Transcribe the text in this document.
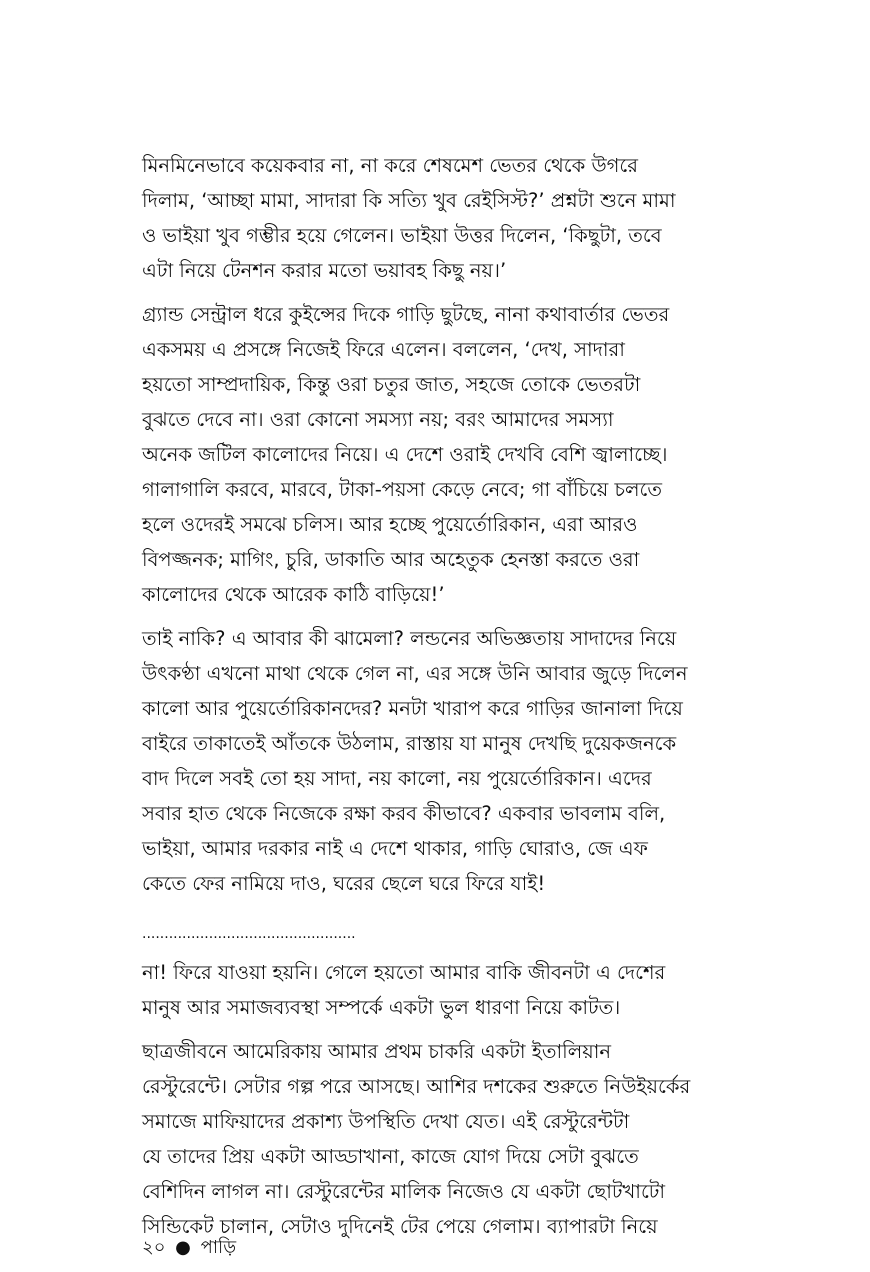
মিনমিনেভাবে কয়েকবার না, না করে শেষমেশ ভেতর থেকে উগরে
দিলাম, ‘আচ্ছা মামা, সাদারা কি সত্যি খুব রেইসিস্ট?’ প্রশ্নটা শুনে মামা
ও ভাইয়া খুব গম্ভীর হয়ে গেলেন। ভাইয়া উত্তর দিলেন, ‘কিছুটা, তবে
এটা নিয়ে টেনশন করার মতো ভয়াবহ কিছু নয়।’

গ্র্যান্ড সেন্ট্রাল ধরে কুইন্সের দিকে গাড়ি ছুটছে, নানা কথাবার্তার ভেতর
একসময় এ প্রসঙ্গে নিজেই ফিরে এলেন। বললেন, ‘দেখ, সাদারা
হয়তো সাম্প্রদায়িক, কিন্তু ওরা চতুর জাত, সহজে তোকে ভেতরটা
বুঝতে দেবে না। ওরা কোনো সমস্যা নয়; বরং আমাদের সমস্যা
অনেক জটিল কালোদের নিয়ে। এ দেশে ওরাই দেখবি বেশি জ্বালাচ্ছে।
গালাগালি করবে, মারবে, টাকা-পয়সা কেড়ে নেবে; গা বাঁচিয়ে চলতে
হলে ওদেরই সমঝে চলিস। আর হচ্ছে পুয়ের্তোরিকান, এরা আরও
বিপজ্জনক; মাগিং, চুরি, ডাকাতি আর অহেতুক হেনস্তা করতে ওরা
কালোদের থেকে আরেক কাঠি বাড়িয়ে!’

তাই নাকি? এ আবার কী ঝামেলা? লন্ডনের অভিজ্ঞতায় সাদাদের নিয়ে
উৎকণ্ঠা এখনো মাথা থেকে গেল না, এর সঙ্গে উনি আবার জুড়ে দিলেন
কালো আর পুয়ের্তোরিকানদের? মনটা খারাপ করে গাড়ির জানালা দিয়ে
বাইরে তাকাতেই আঁতকে উঠলাম, রাস্তায় যা মানুষ দেখছি দুয়েকজনকে
বাদ দিলে সবই তো হয় সাদা, নয় কালো, নয় পুয়ের্তোরিকান। এদের
সবার হাত থেকে নিজেকে রক্ষা করব কীভাবে? একবার ভাবলাম বলি,
ভাইয়া, আমার দরকার নাই এ দেশে থাকার, গাড়ি ঘোরাও, জে এফ
কেতে ফের নামিয়ে দাও, ঘরের ছেলে ঘরে ফিরে যাই!

................................................

না! ফিরে যাওয়া হয়নি। গেলে হয়তো আমার বাকি জীবনটা এ দেশের
মানুষ আর সমাজব্যবস্থা সম্পর্কে একটা ভুল ধারণা নিয়ে কাটত।

ছাত্রজীবনে আমেরিকায় আমার প্রথম চাকরি একটা ইতালিয়ান
রেস্টুরেন্টে। সেটার গল্প পরে আসছে। আশির দশকের শুরুতে নিউইয়র্কের
সমাজে মাফিয়াদের প্রকাশ্য উপস্থিতি দেখা যেত। এই রেস্টুরেন্টটা
যে তাদের প্রিয় একটা আড্ডাখানা, কাজে যোগ দিয়ে সেটা বুঝতে
বেশিদিন লাগল না। রেস্টুরেন্টের মালিক নিজেও যে একটা ছোটখাটো
সিন্ডিকেট চালান, সেটাও দুদিনেই টের পেয়ে গেলাম। ব্যাপারটা নিয়ে

২০ ● পাড়ি
